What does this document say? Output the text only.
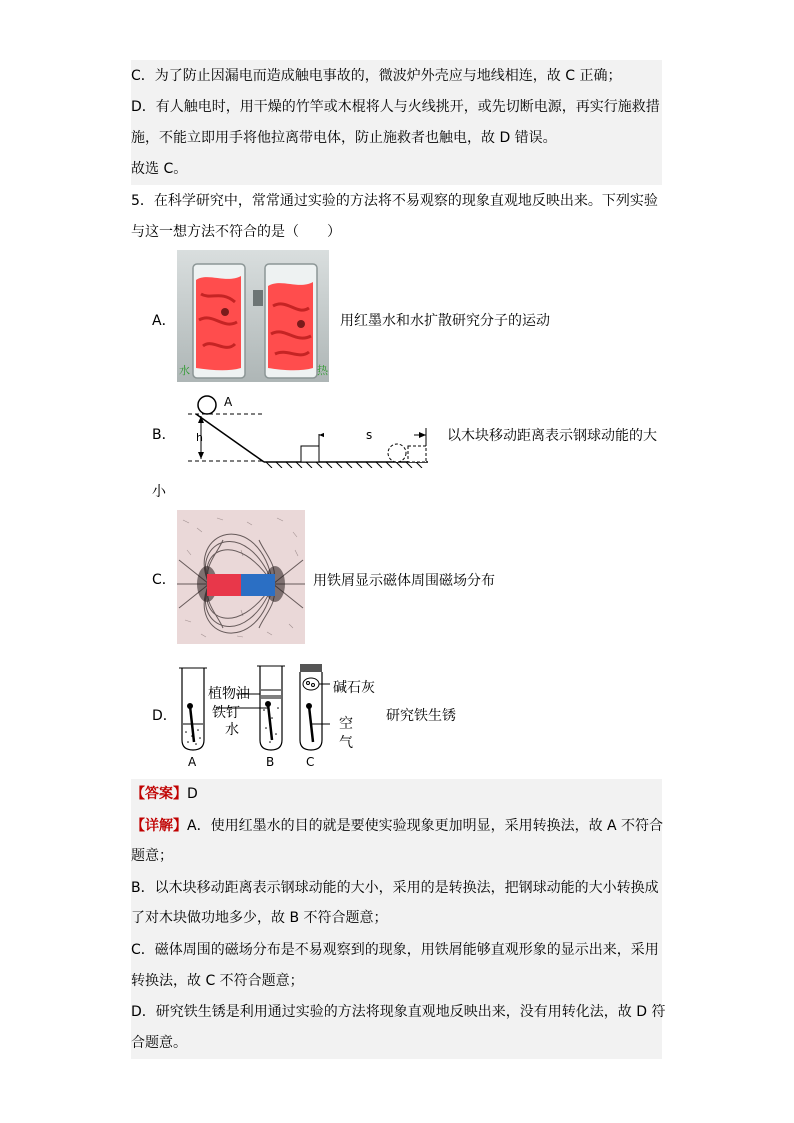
C．为了防止因漏电而造成触电事故的，微波炉外壳应与地线相连，故 C 正确；
D．有人触电时，用干燥的竹竿或木棍将人与火线挑开，或先切断电源，再实行施救措
施，不能立即用手将他拉离带电体，防止施救者也触电，故 D 错误。
故选 C。
5．在科学研究中，常常通过实验的方法将不易观察的现象直观地反映出来。下列实验
与这一想方法不符合的是（　　）
A．
水	热
用红墨水和水扩散研究分子的运动
B． h
A
s	以木块移动距离表示钢球动能的大
小
C．	用铁屑显示磁体周围磁场分布
D．
A	B	C
植物油
铁钉
水
碱石灰
空
气
研究铁生锈
【答案】D
【详解】A．使用红墨水的目的就是要使实验现象更加明显，采用转换法，故 A 不符合
题意；
B．以木块移动距离表示钢球动能的大小，采用的是转换法，把钢球动能的大小转换成
了对木块做功地多少，故 B 不符合题意；
C．磁体周围的磁场分布是不易观察到的现象，用铁屑能够直观形象的显示出来，采用
转换法，故 C 不符合题意；
D．研究铁生锈是利用通过实验的方法将现象直观地反映出来，没有用转化法，故 D 符
合题意。
